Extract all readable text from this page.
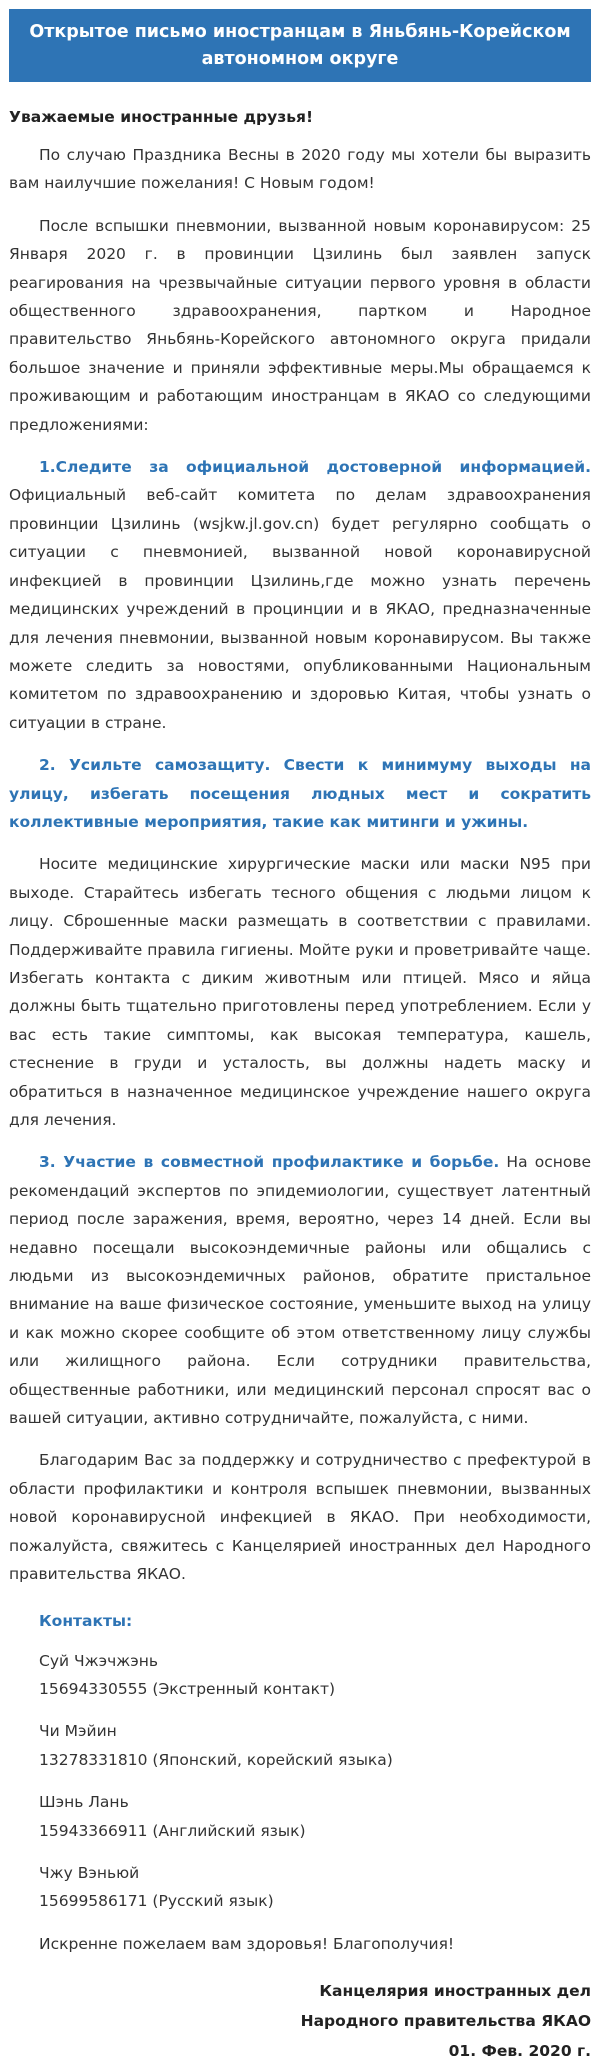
Открытое письмо иностранцам в Яньбянь-Корейском
автономном округе
Уважаемые иностранные друзья!

По случаю Праздника Весны в 2020 году мы хотели бы выразить вам наилучшие пожелания! С Новым годом!

После вспышки пневмонии, вызванной новым коронавирусом: 25 Января 2020 г. в провинции Цзилинь был заявлен запуск реагирования на чрезвычайные ситуации первого уровня в области общественного здравоохранения, партком и Народное правительство Яньбянь-Корейского автономного округа придали большое значение и приняли эффективные меры.Мы обращаемся к проживающим и работающим иностранцам в ЯКАО со следующими предложениями:

1.Следите за официальной достоверной информацией. Официальный веб-сайт комитета по делам здравоохранения провинции Цзилинь (wsjkw.jl.gov.cn) будет регулярно сообщать о ситуации с пневмонией, вызванной новой коронавирусной инфекцией в провинции Цзилинь,где можно узнать перечень медицинских учреждений в процинции и в ЯКАО, предназначенные для лечения пневмонии, вызванной новым коронавирусом. Вы также можете следить за новостями, опубликованными Национальным комитетом по здравоохранению и здоровью Китая, чтобы узнать о ситуации в стране.

2. Усильте самозащиту. Свести к минимуму выходы на улицу, избегать посещения людных мест и сократить коллективные мероприятия, такие как митинги и ужины.

Носите медицинские хирургические маски или маски N95 при выходе. Старайтесь избегать тесного общения с людьми лицом к лицу. Сброшенные маски размещать в соответствии с правилами. Поддерживайте правила гигиены. Мойте руки и проветривайте чаще. Избегать контакта с диким животным или птицей. Мясо и яйца должны быть тщательно приготовлены перед употреблением. Если у вас есть такие симптомы, как высокая температура, кашель, стеснение в груди и усталость, вы должны надеть маску и обратиться в назначенное медицинское учреждение нашего округа для лечения.

3. Участие в совместной профилактике и борьбе. На основе рекомендаций экспертов по эпидемиологии, существует латентный период после заражения, время, вероятно, через 14 дней. Если вы недавно посещали высокоэндемичные районы или общались с людьми из высокоэндемичных районов, обратите пристальное внимание на ваше физическое состояние, уменьшите выход на улицу и как можно скорее сообщите об этом ответственному лицу службы или жилищного района. Если сотрудники правительства, общественные работники, или медицинский персонал спросят вас о вашей ситуации, активно сотрудничайте, пожалуйста, с ними.

Благодарим Вас за поддержку и сотрудничество с префектурой в области профилактики и контроля вспышек пневмонии, вызванных новой коронавирусной инфекцией в ЯКАО. При необходимости, пожалуйста, свяжитесь с Канцелярией иностранных дел Народного правительства ЯКАО.

Контакты:
Суй Чжэчжэнь
15694330555 (Экстренный контакт)
Чи Мэйин
13278331810 (Японский, корейский языка)
Шэнь Лань
15943366911 (Английский язык)
Чжу Вэньюй
15699586171 (Русский язык)
Искренне пожелаем вам здоровья! Благополучия!
Канцелярия иностранных дел
Народного правительства ЯКАО
01. Фев. 2020 г.
